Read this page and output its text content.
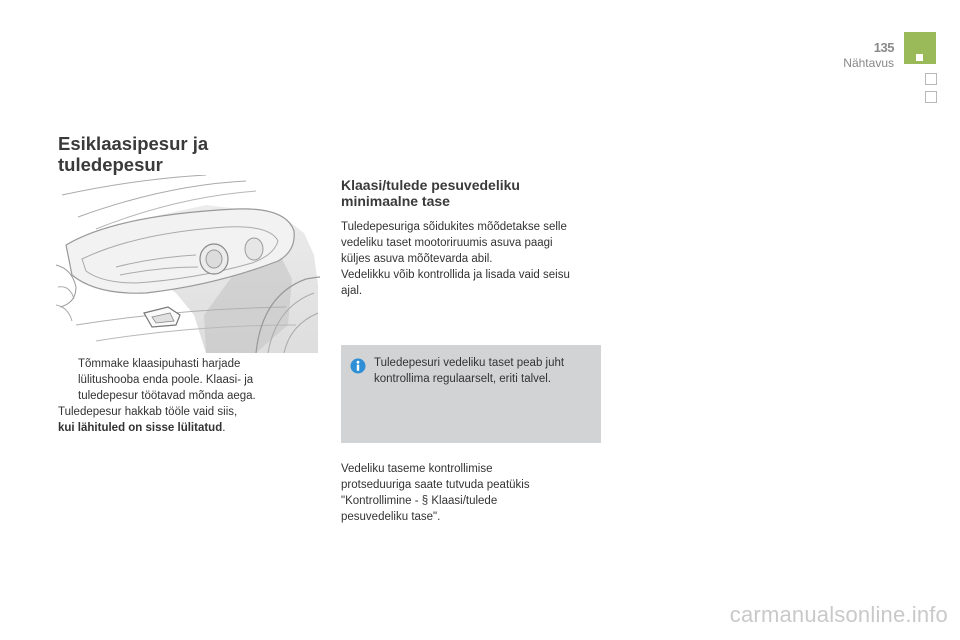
135
Nähtavus
Esiklaasipesur ja
tuledepesur
Tõmmake klaasipuhasti harjade
lülitushooba enda poole. Klaasi- ja
tuledepesur töötavad mõnda aega.
Tuledepesur hakkab tööle vaid siis,
kui lähituled on sisse lülitatud.
Klaasi/tulede pesuvedeliku
minimaalne tase
Tuledepesuriga sõidukites mõõdetakse selle
vedeliku taset mootoriruumis asuva paagi
küljes asuva mõõtevarda abil.
Vedelikku võib kontrollida ja lisada vaid seisu
ajal.
Tuledepesuri vedeliku taset peab juht
kontrollima regulaarselt, eriti talvel.
Vedeliku taseme kontrollimise
protseduuriga saate tutvuda peatükis
"Kontrollimine - § Klaasi/tulede
pesuvedeliku tase".
carmanualsonline.info
